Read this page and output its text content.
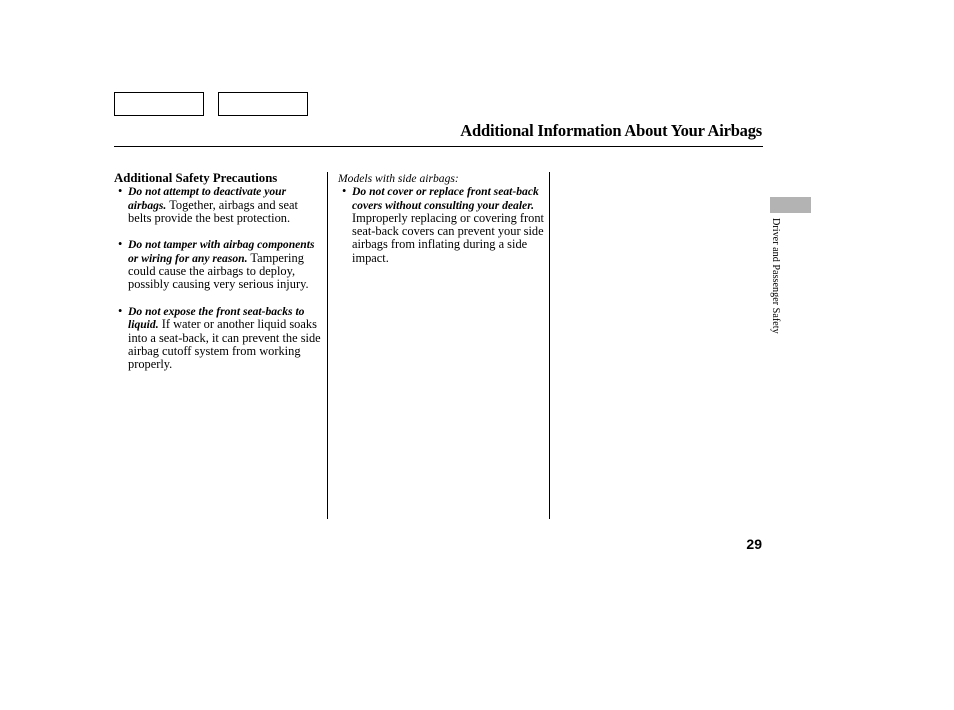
Additional Information About Your Airbags
Additional Safety Precautions
• Do not attempt to deactivate your airbags. Together, airbags and seat belts provide the best protection.
• Do not tamper with airbag components or wiring for any reason. Tampering could cause the airbags to deploy, possibly causing very serious injury.
• Do not expose the front seat-backs to liquid. If water or another liquid soaks into a seat-back, it can prevent the side airbag cutoff system from working properly.
Models with side airbags:
• Do not cover or replace front seat-back covers without consulting your dealer. Improperly replacing or covering front seat-back covers can prevent your side airbags from inflating during a side impact.	Driver and Passenger Safety
29
